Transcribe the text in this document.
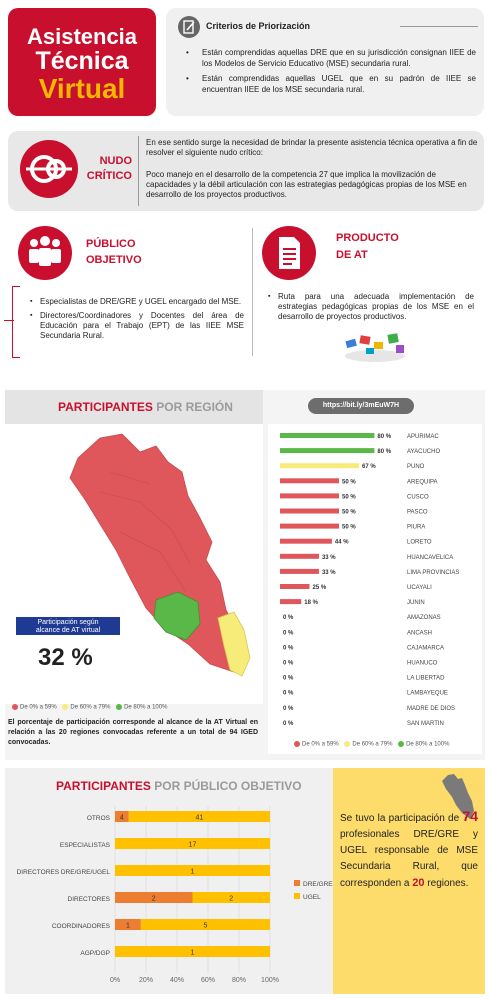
Asistencia
Técnica
Virtual
Criterios de Priorización
• Están comprendidas aquellas DRE que en su jurisdicción consignan IIEE de los Modelos de Servicio Educativo (MSE) secundaria rural.
• Están comprendidas aquellas UGEL que en su padrón de IIEE se encuentran IIEE de los MSE secundaria rural.
NUDO
CRÍTICO
En ese sentido surge la necesidad de brindar la presente asistencia técnica operativa a fin de resolver el siguiente nudo crítico:
Poco manejo en el desarrollo de la competencia 27 que implica la movilización de capacidades y la débil articulación con las estrategias pedagógicas propias de los MSE en desarrollo de los proyectos productivos.
PÚBLICO
OBJETIVO
▪ Especialistas de DRE/GRE y UGEL encargado del MSE.
▪ Directores/Coordinadores y Docentes del área de Educación para el Trabajo (EPT) de las IIEE MSE Secundaria Rural.
PRODUCTO
DE AT
▪ Ruta para una adecuada implementación de estrategias pedagógicas propias de los MSE en el desarrollo de proyectos productivos.
PARTICIPANTES POR REGIÓN	https://bit.ly/3mEuW7H
Participación según
alcance de AT virtual
32 %
De 0% a 59% De 60% a 79% De 80% a 100%
El porcentaje de participación corresponde al alcance de la AT Virtual en relación a las 20 regiones convocadas referente a un total de 94 IGED convocadas.
80 %	APURIMAC
80 %	AYACUCHO
67 %	PUNO
50 %	AREQUIPA
50 %	CUSCO
50 %	PASCO
50 %	PIURA
44 %	LORETO
33 %	HUANCAVELICA
33 %	LIMA PROVINCIAS
25 %	UCAYALI
18 %	JUNIN
0 %	AMAZONAS
0 %	ANCASH
0 %	CAJAMARCA
0 %	HUANUCO
0 %	LA LIBERTAD
0 %	LAMBAYEQUE
0 %	MADRE DE DIOS
0 %	SAN MARTIN
De 0% a 59% De 60% a 79% De 80% a 100%
PARTICIPANTES POR PÚBLICO OBJETIVO
0%	20% 40% 60% 80% 100%
OTROS 4	41
ESPECIALISTAS	17
DIRECTORES DRE/GRE/UGEL	1
DIRECTORES	2	2
COORDINADORES 1	5
AGP/DGP	1
DRE/GRE
UGEL
Se tuvo la participación de 74 profesionales DRE/GRE y UGEL responsable de MSE Secundaria Rural, que corresponden a 20 regiones.
